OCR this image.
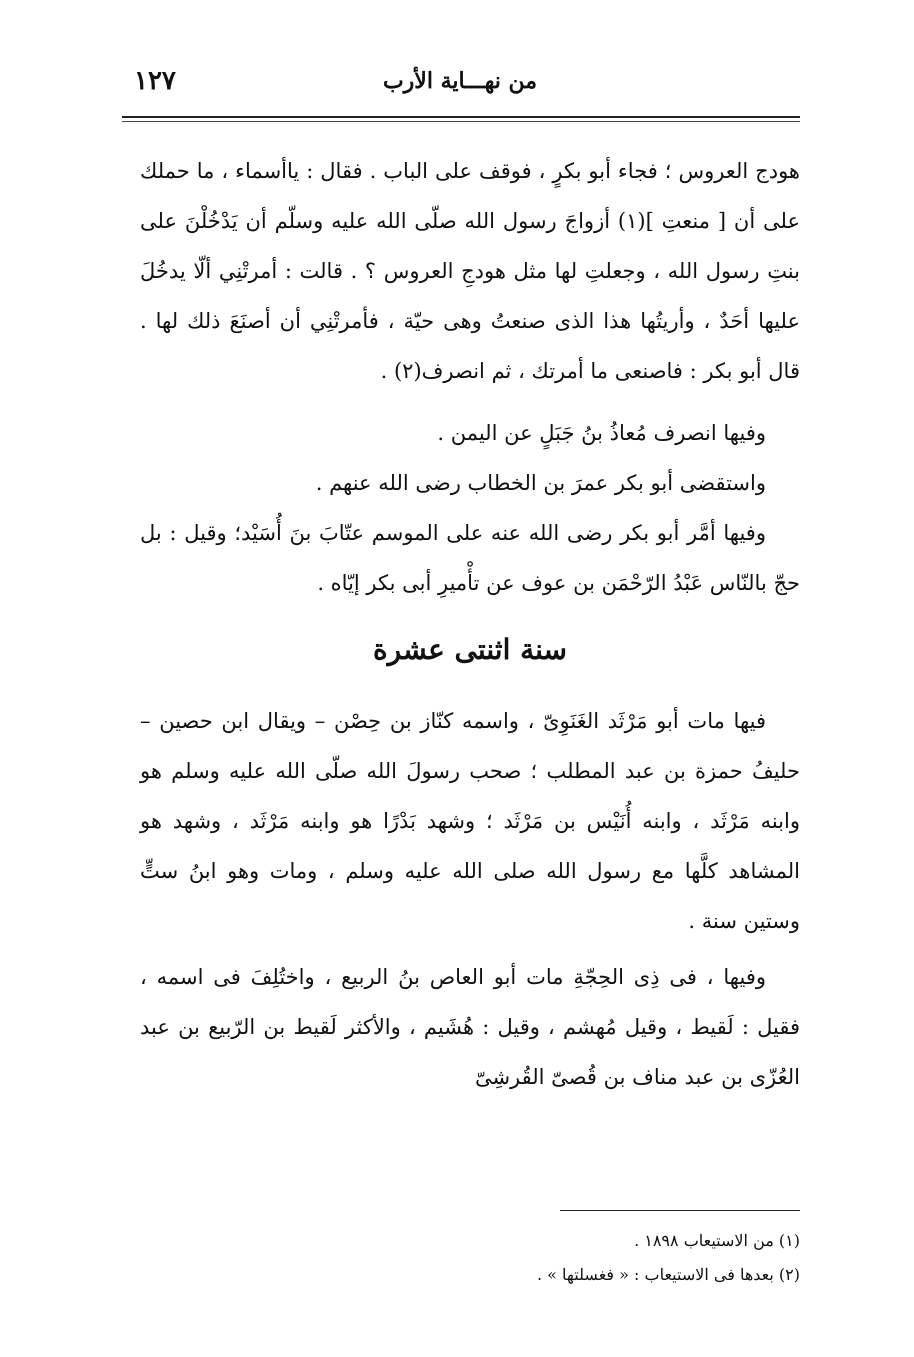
من نهـــاية الأرب
١٢٧

هودج العروس ؛ فجاء أبو بكرٍ ، فوقف على الباب . فقال : ياأسماء ، ما حملك على أن [ منعتِ ](١) أزواجَ رسول الله صلّى الله عليه وسلّم أن يَدْخُلْنَ على بنتِ رسول الله ، وجعلتِ لها مثل هودجِ العروس ؟ . قالت : أمرتْنِي ألّا يدخُلَ عليها أحَدٌ ، وأريتُها هذا الذى صنعتُ وهى حيّة ، فأمرتْنِي أن أصنَعَ ذلك لها . قال أبو بكر : فاصنعى ما أمرتك ، ثم انصرف(٢) .

وفيها انصرف مُعاذُ بنُ جَبَلٍ عن اليمن .

واستقضى أبو بكر عمرَ بن الخطاب رضى الله عنهم .

وفيها أمَّر أبو بكر رضى الله عنه على الموسم عتّابَ بنَ أُسَيْد؛ وقيل : بل حجّ بالنّاس عَبْدُ الرّحْمَن بن عوف عن تأْميرِ أبى بكر إيّاه .

سنة اثنتى عشرة

فيها مات أبو مَرْثَد الغَنَوِىّ ، واسمه كنّاز بن حِصْن – ويقال ابن حصين – حليفُ حمزة بن عبد المطلب ؛ صحب رسولَ الله صلّى الله عليه وسلم هو وابنه مَرْثَد ، وابنه أُنَيْس بن مَرْثَد ؛ وشهد بَدْرًا هو وابنه مَرْثَد ، وشهد هو المشاهد كلَّها مع رسول الله صلى الله عليه وسلم ، ومات وهو ابنُ ستٍّ وستين سنة .

وفيها ، فى ذِى الحِجّةِ مات أبو العاص بنُ الربيع ، واختُلِفَ فى اسمه ، فقيل : لَقيط ، وقيل مُهشم ، وقيل : هُشَيم ، والأكثر لَقيط بن الرّبيع بن عبد العُزّى بن عبد مناف بن قُصىّ القُرشِىّ

(١) من الاستيعاب ١٨٩٨ .

(٢) بعدها فى الاستيعاب : « فغسلتها » .
